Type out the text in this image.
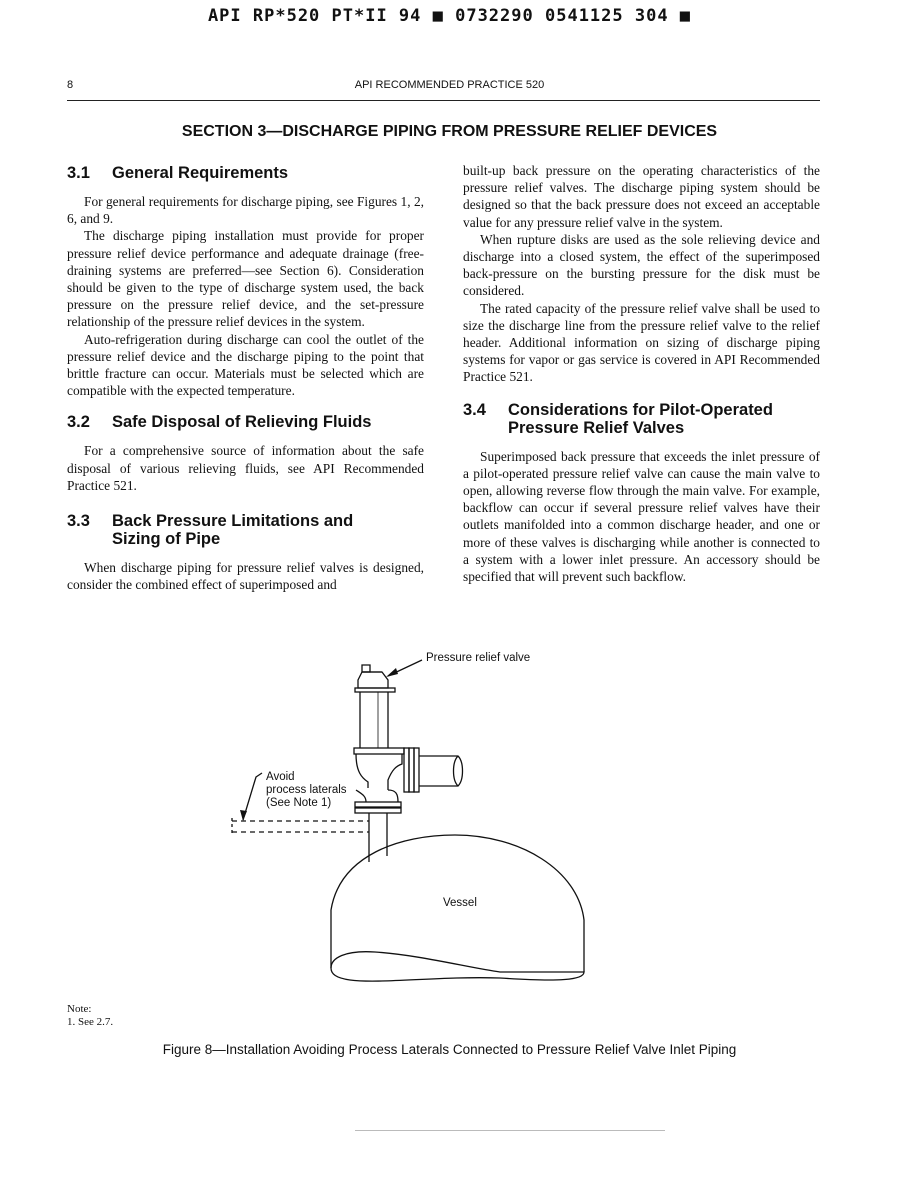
API RP*520 PT*II 94 ■ 0732290 0541125 304 ■
8	API RECOMMENDED PRACTICE 520
SECTION 3—DISCHARGE PIPING FROM PRESSURE RELIEF DEVICES
3.1 General Requirements

For general requirements for discharge piping, see Figures 1, 2, 6, and 9.

The discharge piping installation must provide for proper pressure relief device performance and adequate drainage (free-draining systems are preferred—see Section 6). Consideration should be given to the type of discharge system used, the back pressure on the pressure relief device, and the set-pressure relationship of the pressure relief devices in the system.

Auto-refrigeration during discharge can cool the outlet of the pressure relief device and the discharge piping to the point that brittle fracture can occur. Materials must be selected which are compatible with the expected temperature.

3.2 Safe Disposal of Relieving Fluids

For a comprehensive source of information about the safe disposal of various relieving fluids, see API Recommended Practice 521.

3.3 Back Pressure Limitations and
Sizing of Pipe

When discharge piping for pressure relief valves is designed, consider the combined effect of superimposed and

built-up back pressure on the operating characteristics of the pressure relief valves. The discharge piping system should be designed so that the back pressure does not exceed an acceptable value for any pressure relief valve in the system.

When rupture disks are used as the sole relieving device and discharge into a closed system, the effect of the superimposed back-pressure on the bursting pressure for the disk must be considered.

The rated capacity of the pressure relief valve shall be used to size the discharge line from the pressure relief valve to the relief header. Additional information on sizing of discharge piping systems for vapor or gas service is covered in API Recommended Practice 521.

3.4 Considerations for Pilot-Operated
Pressure Relief Valves

Superimposed back pressure that exceeds the inlet pressure of a pilot-operated pressure relief valve can cause the main valve to open, allowing reverse flow through the main valve. For example, backflow can occur if several pressure relief valves have their outlets manifolded into a common discharge header, and one or more of these valves is discharging while another is connected to a system with a lower inlet pressure. An accessory should be specified that will prevent such backflow.

Pressure relief valve
Avoid
process laterals
(See Note 1)
Vessel
Note:
1. See 2.7.
Figure 8—Installation Avoiding Process Laterals Connected to Pressure Relief Valve Inlet Piping
